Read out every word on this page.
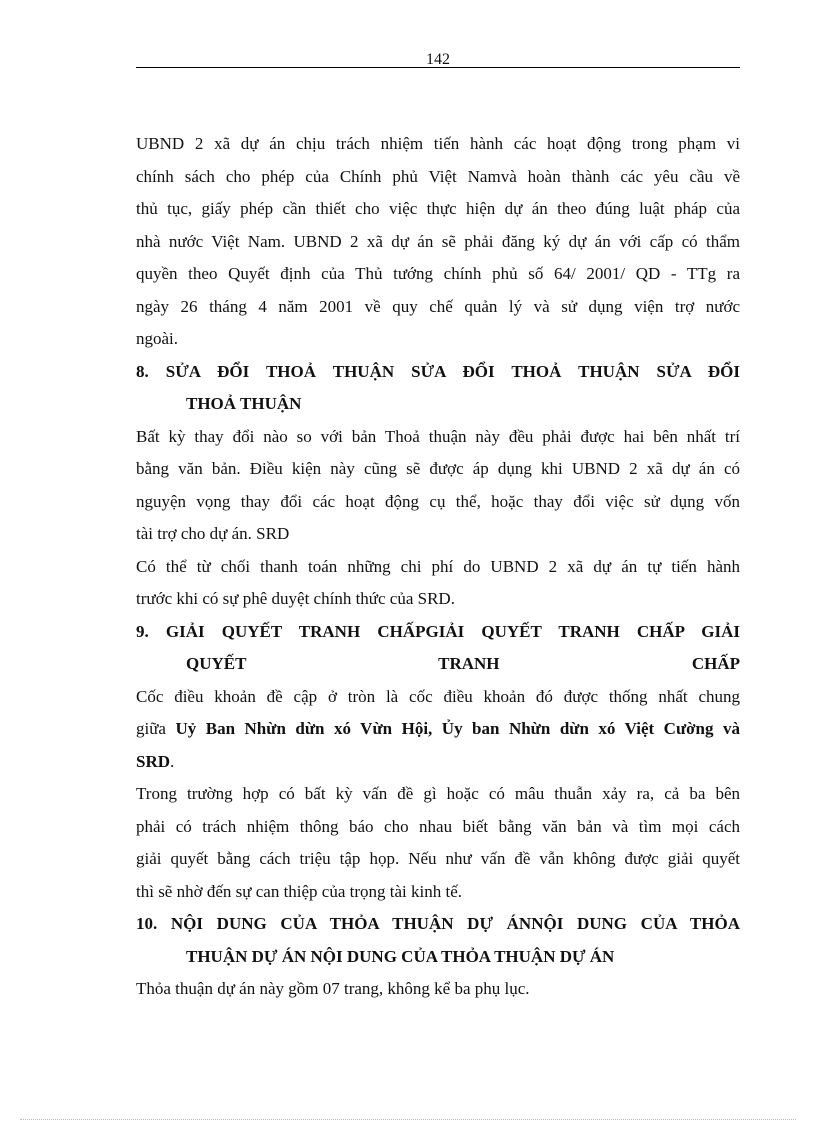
142
UBND 2 xã dự án chịu trách nhiệm tiến hành các hoạt động trong phạm vi
chính sách cho phép của Chính phủ Việt Namvà hoàn thành các yêu cầu về
thủ tục, giấy phép cần thiết cho việc thực hiện dự án theo đúng luật pháp của
nhà nước Việt Nam. UBND 2 xã dự án sẽ phải đăng ký dự án với cấp có thẩm
quyền theo Quyết định của Thủ tướng chính phủ số 64/ 2001/ QD - TTg ra
ngày 26 tháng 4 năm 2001 về quy chế quản lý và sử dụng viện trợ nước
ngoài.
8. SỬA ĐỔI THOẢ THUẬN SỬA ĐỔI THOẢ THUẬN SỬA ĐỔI
THOẢ THUẬN
Bất kỳ thay đổi nào so với bản Thoả thuận này đều phải được hai bên nhất trí
bằng văn bản. Điều kiện này cũng sẽ được áp dụng khi UBND 2 xã dự án có
nguyện vọng thay đổi các hoạt động cụ thể, hoặc thay đổi việc sử dụng vốn
tài trợ cho dự án. SRD
Có thể từ chối thanh toán những chi phí do UBND 2 xã dự án tự tiến hành
trước khi có sự phê duyệt chính thức của SRD.
9. GIẢI QUYẾT TRANH CHẤPGIẢI QUYẾT TRANH CHẤP GIẢI
QUYẾT TRANH CHẤP
Cốc điều khoản đề cập ở tròn là cốc điều khoản đó được thống nhất chung
giữa Uỷ Ban Nhừn dừn xó Vừn Hội, Ủy ban Nhừn dừn xó Việt Cường và
SRD.
Trong trường hợp có bất kỳ vấn đề gì hoặc có mâu thuẫn xảy ra, cả ba bên
phải có trách nhiệm thông báo cho nhau biết bằng văn bản và tìm mọi cách
giải quyết bằng cách triệu tập họp. Nếu như vấn đề vẫn không được giải quyết
thì sẽ nhờ đến sự can thiệp của trọng tài kinh tế.
10. NỘI DUNG CỦA THỎA THUẬN DỰ ÁNNỘI DUNG CỦA THỎA
THUẬN DỰ ÁN NỘI DUNG CỦA THỎA THUẬN DỰ ÁN
Thỏa thuận dự án này gồm 07 trang, không kể ba phụ lục.
